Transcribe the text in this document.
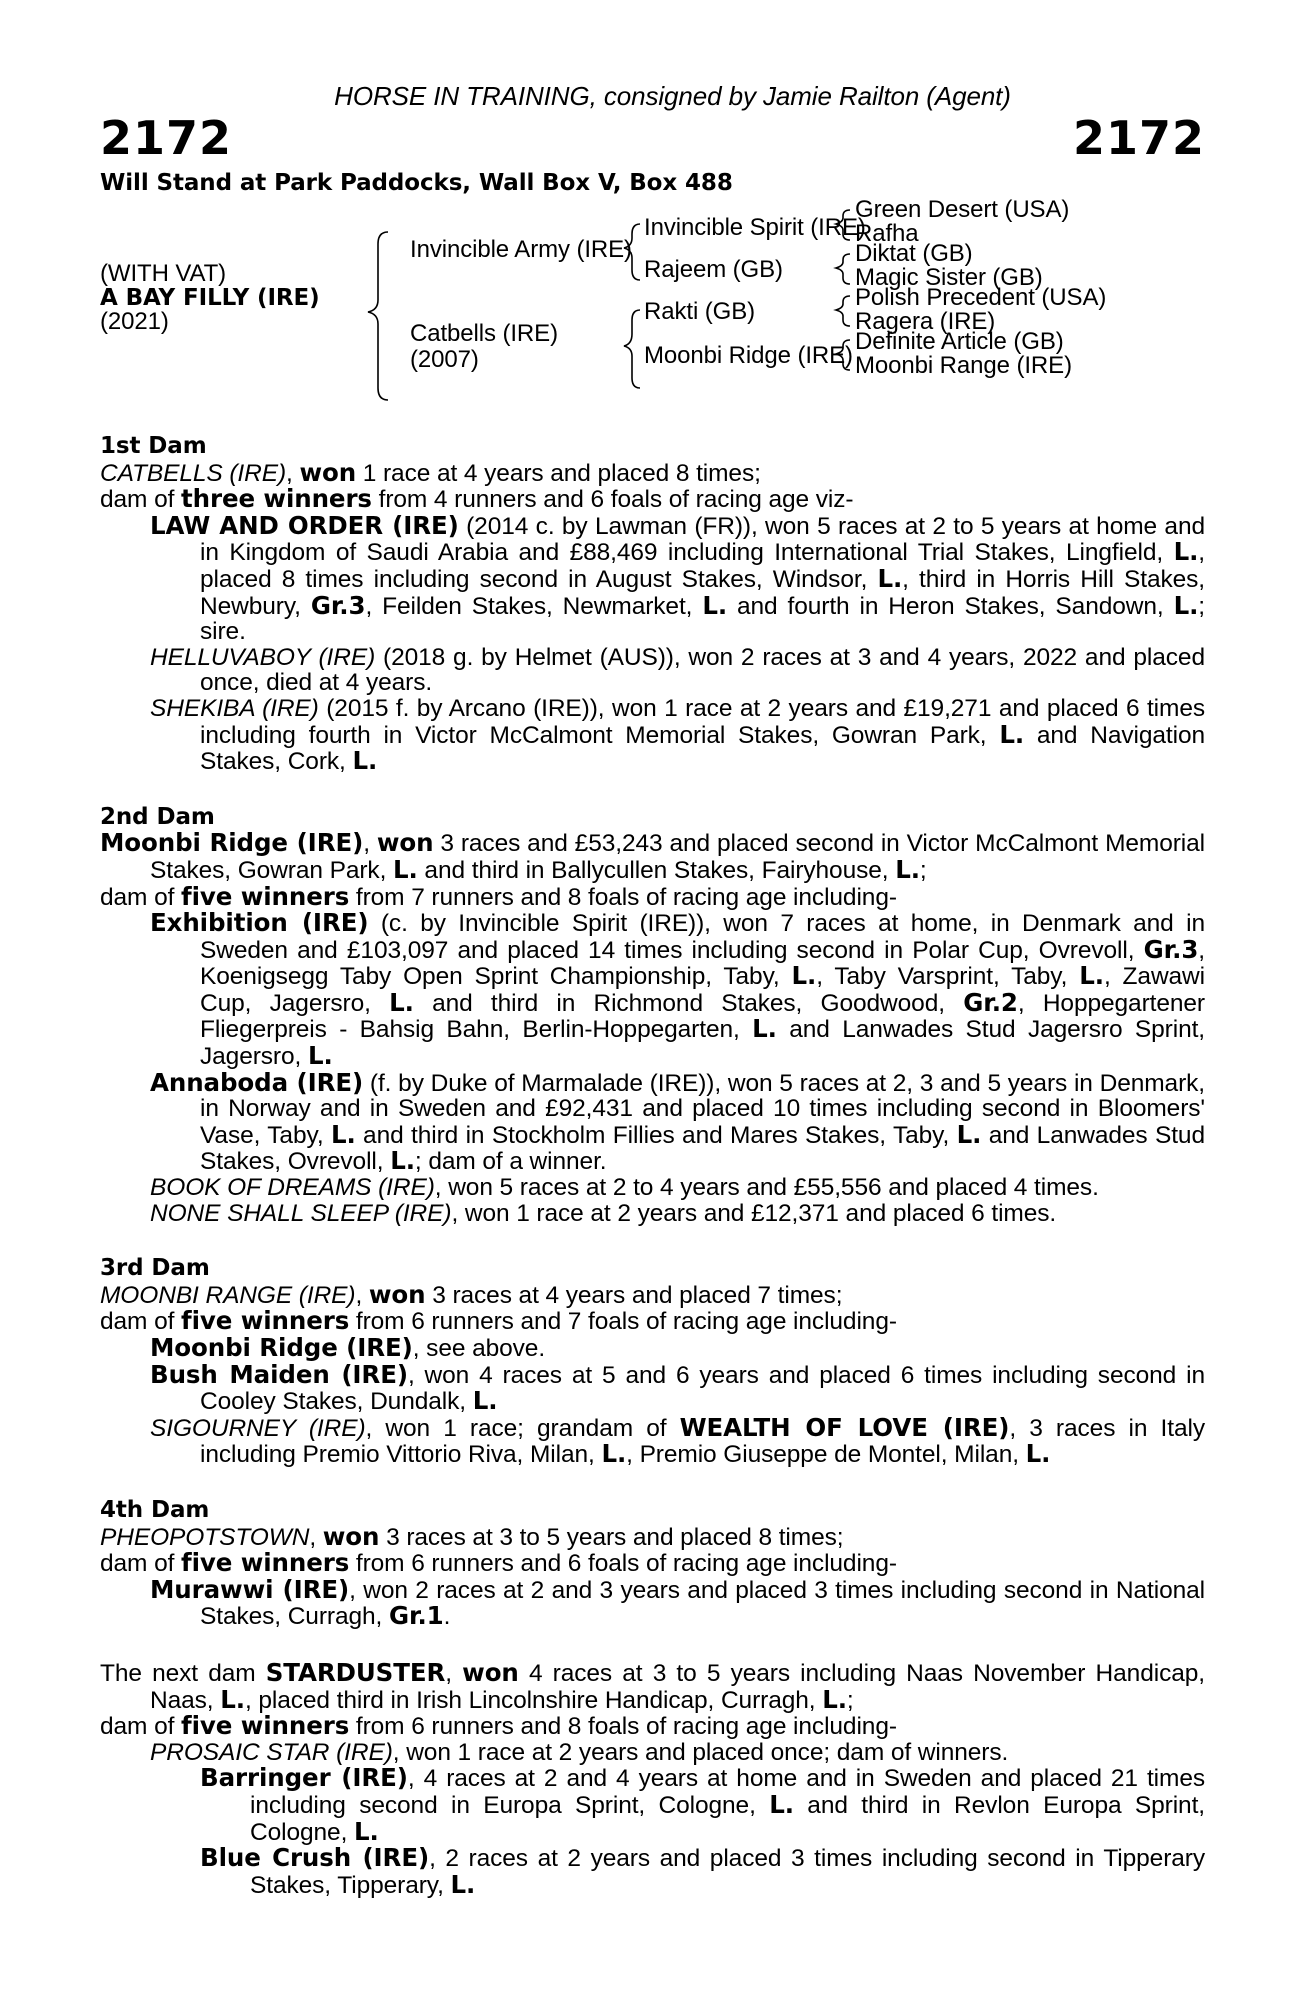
HORSE IN TRAINING, consigned by Jamie Railton (Agent)
2172	2172
Will Stand at Park Paddocks, Wall Box V, Box 488
(WITH VAT)
A BAY FILLY (IRE)
(2021)
Invincible Army (IRE)
Catbells (IRE)
(2007)
Invincible Spirit (IRE)
Rajeem (GB)
Rakti (GB)
Moonbi Ridge (IRE)
Green Desert (USA)
Rafha
Diktat (GB)
Magic Sister (GB)
Polish Precedent (USA)
Ragera (IRE)
Definite Article (GB)
Moonbi Range (IRE)
1st Dam

CATBELLS (IRE), won 1 race at 4 years and placed 8 times;

dam of three winners from 4 runners and 6 foals of racing age viz-

LAW AND ORDER (IRE) (2014 c. by Lawman (FR)), won 5 races at 2 to 5 years at home and in Kingdom of Saudi Arabia and £88,469 including International Trial Stakes, Lingfield, L., placed 8 times including second in August Stakes, Windsor, L., third in Horris Hill Stakes, Newbury, Gr.3, Feilden Stakes, Newmarket, L. and fourth in Heron Stakes, Sandown, L.; sire.

HELLUVABOY (IRE) (2018 g. by Helmet (AUS)), won 2 races at 3 and 4 years, 2022 and placed once, died at 4 years.

SHEKIBA (IRE) (2015 f. by Arcano (IRE)), won 1 race at 2 years and £19,271 and placed 6 times including fourth in Victor McCalmont Memorial Stakes, Gowran Park, L. and Navigation Stakes, Cork, L.

2nd Dam

Moonbi Ridge (IRE), won 3 races and £53,243 and placed second in Victor McCalmont Memorial Stakes, Gowran Park, L. and third in Ballycullen Stakes, Fairyhouse, L.;

dam of five winners from 7 runners and 8 foals of racing age including-

Exhibition (IRE) (c. by Invincible Spirit (IRE)), won 7 races at home, in Denmark and in Sweden and £103,097 and placed 14 times including second in Polar Cup, Ovrevoll, Gr.3, Koenigsegg Taby Open Sprint Championship, Taby, L., Taby Varsprint, Taby, L., Zawawi Cup, Jagersro, L. and third in Richmond Stakes, Goodwood, Gr.2, Hoppegartener Fliegerpreis - Bahsig Bahn, Berlin-Hoppegarten, L. and Lanwades Stud Jagersro Sprint, Jagersro, L.

Annaboda (IRE) (f. by Duke of Marmalade (IRE)), won 5 races at 2, 3 and 5 years in Denmark, in Norway and in Sweden and £92,431 and placed 10 times including second in Bloomers' Vase, Taby, L. and third in Stockholm Fillies and Mares Stakes, Taby, L. and Lanwades Stud Stakes, Ovrevoll, L.; dam of a winner.

BOOK OF DREAMS (IRE), won 5 races at 2 to 4 years and £55,556 and placed 4 times.

NONE SHALL SLEEP (IRE), won 1 race at 2 years and £12,371 and placed 6 times.

3rd Dam

MOONBI RANGE (IRE), won 3 races at 4 years and placed 7 times;

dam of five winners from 6 runners and 7 foals of racing age including-

Moonbi Ridge (IRE), see above.

Bush Maiden (IRE), won 4 races at 5 and 6 years and placed 6 times including second in Cooley Stakes, Dundalk, L.

SIGOURNEY (IRE), won 1 race; grandam of WEALTH OF LOVE (IRE), 3 races in Italy including Premio Vittorio Riva, Milan, L., Premio Giuseppe de Montel, Milan, L.

4th Dam

PHEOPOTSTOWN, won 3 races at 3 to 5 years and placed 8 times;

dam of five winners from 6 runners and 6 foals of racing age including-

Murawwi (IRE), won 2 races at 2 and 3 years and placed 3 times including second in National Stakes, Curragh, Gr.1.

The next dam STARDUSTER, won 4 races at 3 to 5 years including Naas November Handicap, Naas, L., placed third in Irish Lincolnshire Handicap, Curragh, L.;

dam of five winners from 6 runners and 8 foals of racing age including-

PROSAIC STAR (IRE), won 1 race at 2 years and placed once; dam of winners.

Barringer (IRE), 4 races at 2 and 4 years at home and in Sweden and placed 21 times including second in Europa Sprint, Cologne, L. and third in Revlon Europa Sprint, Cologne, L.

Blue Crush (IRE), 2 races at 2 years and placed 3 times including second in Tipperary Stakes, Tipperary, L.
